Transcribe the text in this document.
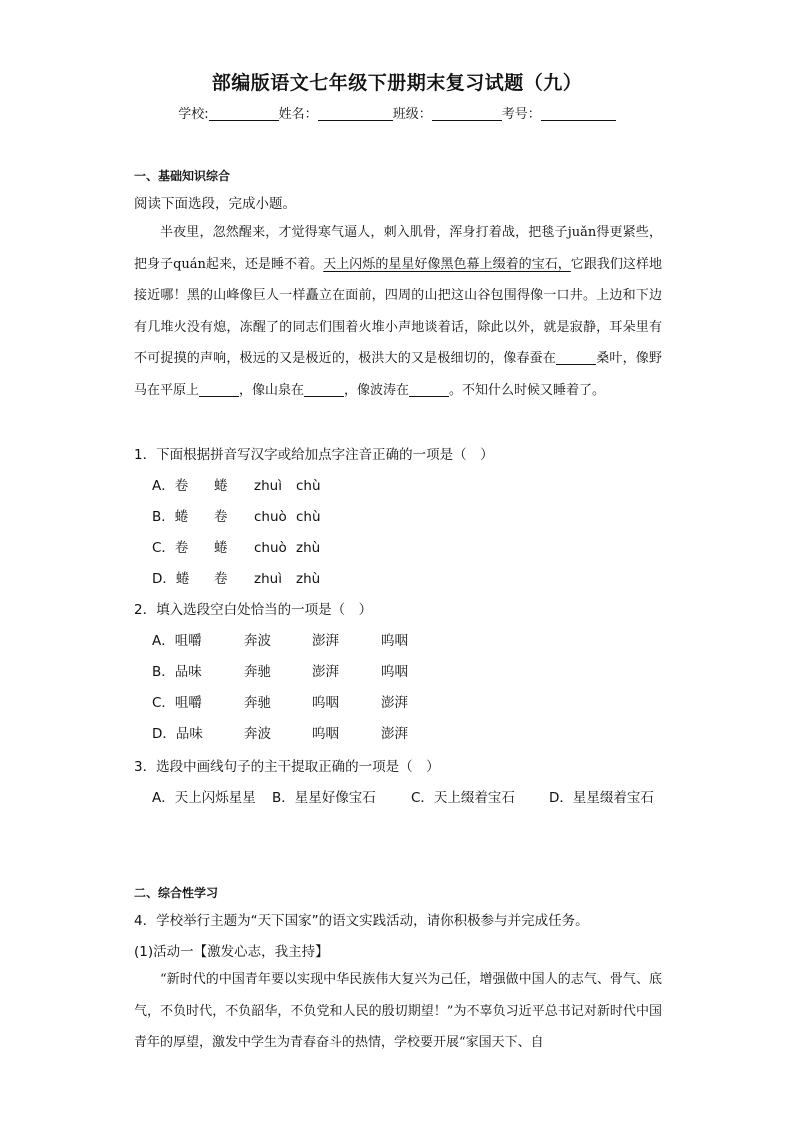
部编版语文七年级下册期末复习试题（九）
学校:	姓名：	班级：	考号：
一、基础知识综合
阅读下面选段，完成小题。

半夜里，忽然醒来，才觉得寒气逼人，刺入肌骨，浑身打着战，把毯子juǎn得更紧些，把身子quán起来，还是睡不着。天上闪烁的星星好像黑色幕上缀着的宝石，它跟我们这样地接近哪！黑的山峰像巨人一样矗立在面前，四周的山把这山谷包围得像一口井。上边和下边有几堆火没有熄，冻醒了的同志们围着火堆小声地谈着话，除此以外，就是寂静，耳朵里有不可捉摸的声响，极远的又是极近的，极洪大的又是极细切的，像春蚕在	桑叶，像野马在平原上	，像山泉在	，像波涛在	。不知什么时候又睡着了。

1．下面根据拼音写汉字或给加点字注音正确的一项是（　）
A．卷 蜷 zhuì chù
B．蜷 卷 chuò chù
C．卷 蜷 chuò zhù
D．蜷 卷 zhuì zhù
2．填入选段空白处恰当的一项是（　）
A．咀嚼	奔波	澎湃	呜咽
B．品味	奔驰	澎湃	呜咽
C．咀嚼	奔驰	呜咽	澎湃
D．品味	奔波	呜咽	澎湃
3．选段中画线句子的主干提取正确的一项是（　）
A．天上闪烁星星 B．星星好像宝石	C．天上缀着宝石	D．星星缀着宝石
二、综合性学习
4．学校举行主题为“天下国家”的语文实践活动，请你积极参与并完成任务。
(1)活动一【激发心志，我主持】

“新时代的中国青年要以实现中华民族伟大复兴为己任，增强做中国人的志气、骨气、底气，不负时代，不负韶华，不负党和人民的殷切期望！”为不辜负习近平总书记对新时代中国青年的厚望，激发中学生为青春奋斗的热情，学校要开展“家国天下、自
